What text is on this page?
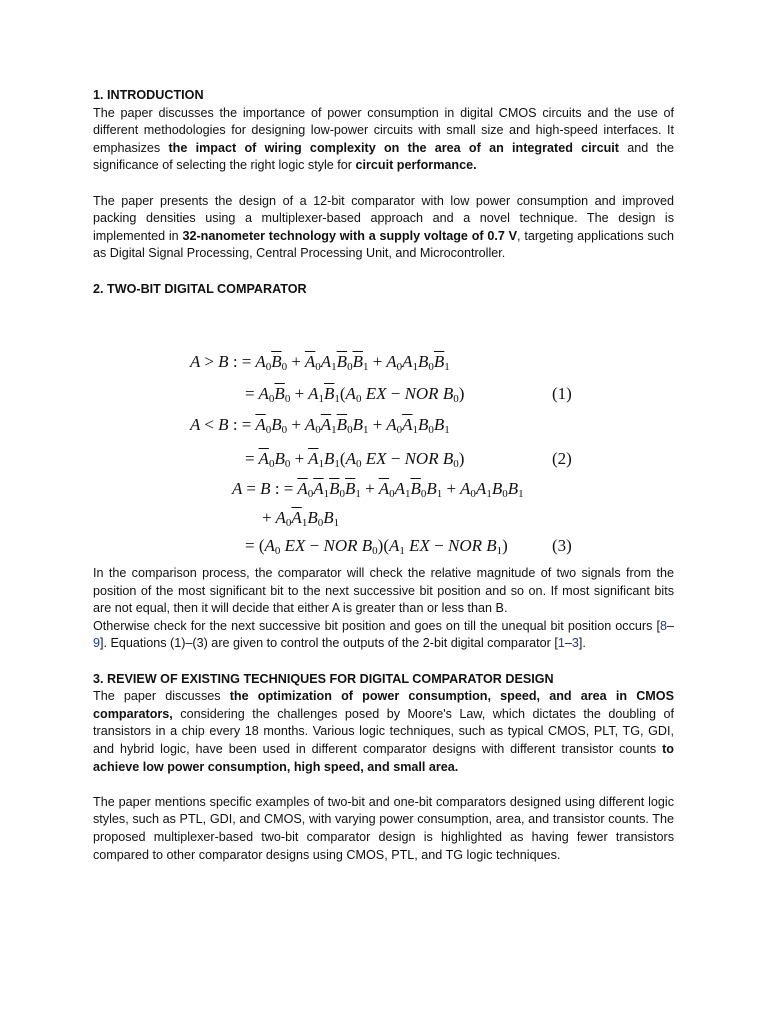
1. INTRODUCTION

The paper discusses the importance of power consumption in digital CMOS circuits and the use of different methodologies for designing low-power circuits with small size and high-speed interfaces. It emphasizes the impact of wiring complexity on the area of an integrated circuit and the significance of selecting the right logic style for circuit performance.

The paper presents the design of a 12-bit comparator with low power consumption and improved packing densities using a multiplexer-based approach and a novel technique. The design is implemented in 32-nanometer technology with a supply voltage of 0.7 V, targeting applications such as Digital Signal Processing, Central Processing Unit, and Microcontroller.

2. TWO-BIT DIGITAL COMPARATOR
A > B : = $A_0\overline{B}_0 + \overline{A}_0A_1\overline{B}_0\overline{B}_1 + A_0A_1B_0\overline{B}_1$
= $A_0\overline{B}_0 + A_1\overline{B}_1(A_0$ EX − NOR $B_0$)	(1)
A < B : = $\overline{A}_0B_0 + A_0\overline{A}_1\overline{B}_0B_1 + A_0\overline{A}_1B_0B_1$
= $\overline{A}_0B_0 + \overline{A}_1B_1(A_0$ EX − NOR $B_0$)	(2)
A = B : = $\overline{A}_0\overline{A}_1\overline{B}_0\overline{B}_1 + \overline{A}_0A_1\overline{B}_0B_1 + A_0A_1B_0B_1$
+ $A_0\overline{A}_1B_0B_1$
= ($A_0$ EX − NOR $B_0)(A_1$ EX − NOR $B_1$)	(3)

In the comparison process, the comparator will check the relative magnitude of two signals from the position of the most significant bit to the next successive bit position and so on. If most significant bits are not equal, then it will decide that either A is greater than or less than B.

Otherwise check for the next successive bit position and goes on till the unequal bit position occurs [8–9]. Equations (1)–(3) are given to control the outputs of the 2-bit digital comparator [1–3].

3. REVIEW OF EXISTING TECHNIQUES FOR DIGITAL COMPARATOR DESIGN

The paper discusses the optimization of power consumption, speed, and area in CMOS comparators, considering the challenges posed by Moore's Law, which dictates the doubling of transistors in a chip every 18 months. Various logic techniques, such as typical CMOS, PLT, TG, GDI, and hybrid logic, have been used in different comparator designs with different transistor counts to achieve low power consumption, high speed, and small area.

The paper mentions specific examples of two-bit and one-bit comparators designed using different logic styles, such as PTL, GDI, and CMOS, with varying power consumption, area, and transistor counts. The proposed multiplexer-based two-bit comparator design is highlighted as having fewer transistors compared to other comparator designs using CMOS, PTL, and TG logic techniques.
